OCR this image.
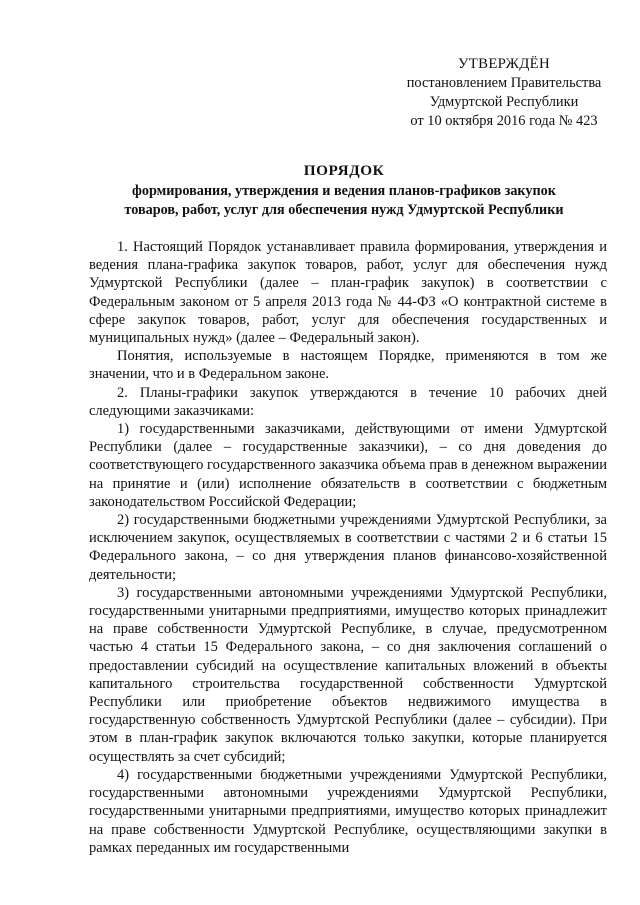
УТВЕРЖДЁН
постановлением Правительства
Удмуртской Республики
от 10 октября 2016 года № 423
ПОРЯДОК
формирования, утверждения и ведения планов-графиков закупок
товаров, работ, услуг для обеспечения нужд Удмуртской Республики

1. Настоящий Порядок устанавливает правила формирования, утверждения и ведения плана-графика закупок товаров, работ, услуг для обеспечения нужд Удмуртской Республики (далее – план-график закупок) в соответствии с Федеральным законом от 5 апреля 2013 года № 44-ФЗ «О контрактной системе в сфере закупок товаров, работ, услуг для обеспечения государственных и муниципальных нужд» (далее – Федеральный закон).

Понятия, используемые в настоящем Порядке, применяются в том же значении, что и в Федеральном законе.

2. Планы-графики закупок утверждаются в течение 10 рабочих дней следующими заказчиками:

1) государственными заказчиками, действующими от имени Удмуртской Республики (далее – государственные заказчики), – со дня доведения до соответствующего государственного заказчика объема прав в денежном выражении на принятие и (или) исполнение обязательств в соответствии с бюджетным законодательством Российской Федерации;

2) государственными бюджетными учреждениями Удмуртской Республики, за исключением закупок, осуществляемых в соответствии с частями 2 и 6 статьи 15 Федерального закона, – со дня утверждения планов финансово-хозяйственной деятельности;

3) государственными автономными учреждениями Удмуртской Республики, государственными унитарными предприятиями, имущество которых принадлежит на праве собственности Удмуртской Республике, в случае, предусмотренном частью 4 статьи 15 Федерального закона, – со дня заключения соглашений о предоставлении субсидий на осуществление капитальных вложений в объекты капитального строительства государственной собственности Удмуртской Республики или приобретение объектов недвижимого имущества в государственную собственность Удмуртской Республики (далее – субсидии). При этом в план-график закупок включаются только закупки, которые планируется осуществлять за счет субсидий;

4) государственными бюджетными учреждениями Удмуртской Республики, государственными автономными учреждениями Удмуртской Республики, государственными унитарными предприятиями, имущество которых принадлежит на праве собственности Удмуртской Республике, осуществляющими закупки в рамках переданных им государственными
